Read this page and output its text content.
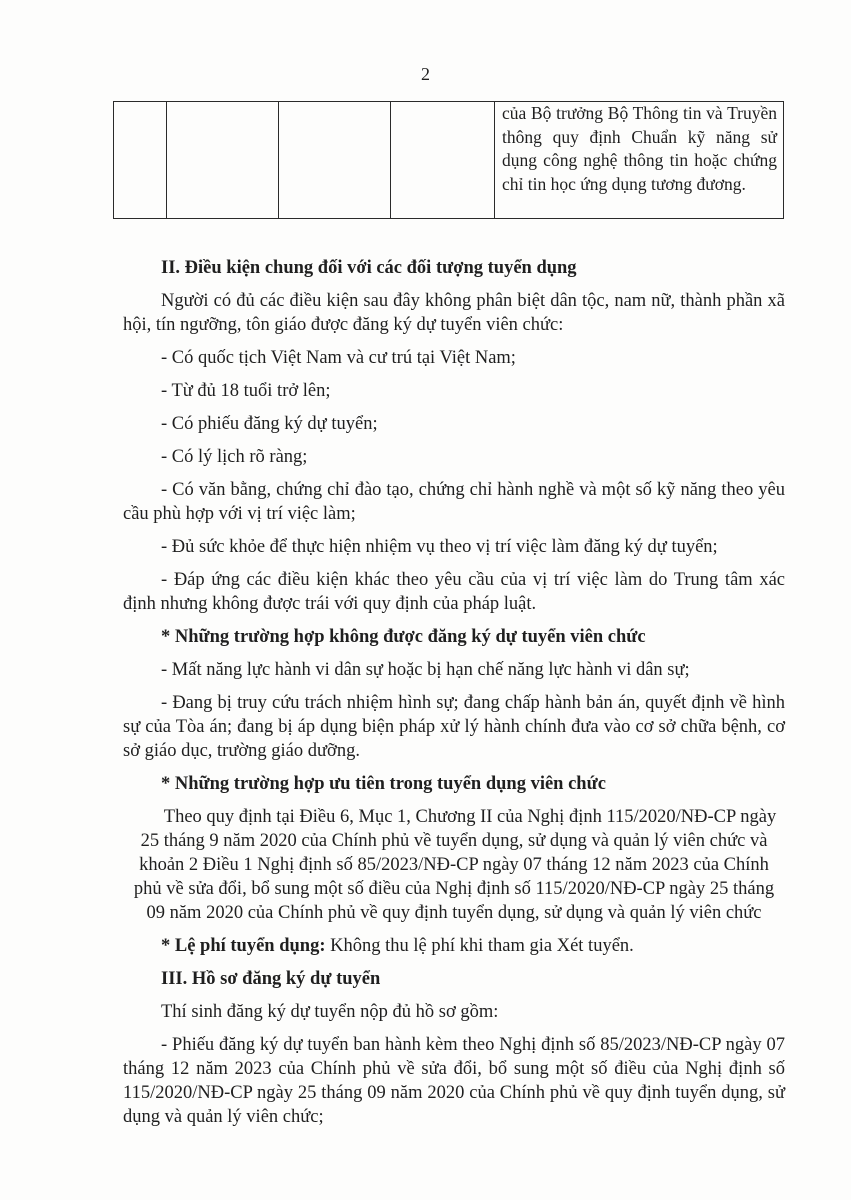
2

của Bộ trưởng Bộ Thông tin và Truyền thông quy định Chuẩn kỹ năng sử dụng công nghệ thông tin hoặc chứng chỉ tin học ứng dụng tương đương.

II. Điều kiện chung đối với các đối tượng tuyển dụng

Người có đủ các điều kiện sau đây không phân biệt dân tộc, nam nữ, thành phần xã hội, tín ngưỡng, tôn giáo được đăng ký dự tuyển viên chức:

- Có quốc tịch Việt Nam và cư trú tại Việt Nam;

- Từ đủ 18 tuổi trở lên;

- Có phiếu đăng ký dự tuyển;

- Có lý lịch rõ ràng;

- Có văn bằng, chứng chỉ đào tạo, chứng chỉ hành nghề và một số kỹ năng theo yêu cầu phù hợp với vị trí việc làm;

- Đủ sức khỏe để thực hiện nhiệm vụ theo vị trí việc làm đăng ký dự tuyển;

- Đáp ứng các điều kiện khác theo yêu cầu của vị trí việc làm do Trung tâm xác định nhưng không được trái với quy định của pháp luật.

* Những trường hợp không được đăng ký dự tuyển viên chức

- Mất năng lực hành vi dân sự hoặc bị hạn chế năng lực hành vi dân sự;

- Đang bị truy cứu trách nhiệm hình sự; đang chấp hành bản án, quyết định về hình sự của Tòa án; đang bị áp dụng biện pháp xử lý hành chính đưa vào cơ sở chữa bệnh, cơ sở giáo dục, trường giáo dưỡng.

* Những trường hợp ưu tiên trong tuyển dụng viên chức

Theo quy định tại Điều 6, Mục 1, Chương II của Nghị định 115/2020/NĐ-CP ngày 25 tháng 9 năm 2020 của Chính phủ về tuyển dụng, sử dụng và quản lý viên chức và khoản 2 Điều 1 Nghị định số 85/2023/NĐ-CP ngày 07 tháng 12 năm 2023 của Chính phủ về sửa đổi, bổ sung một số điều của Nghị định số 115/2020/NĐ-CP ngày 25 tháng 09 năm 2020 của Chính phủ về quy định tuyển dụng, sử dụng và quản lý viên chức

* Lệ phí tuyển dụng: Không thu lệ phí khi tham gia Xét tuyển.

III. Hồ sơ đăng ký dự tuyển

Thí sinh đăng ký dự tuyển nộp đủ hồ sơ gồm:

- Phiếu đăng ký dự tuyển ban hành kèm theo Nghị định số 85/2023/NĐ-CP ngày 07 tháng 12 năm 2023 của Chính phủ về sửa đổi, bổ sung một số điều của Nghị định số 115/2020/NĐ-CP ngày 25 tháng 09 năm 2020 của Chính phủ về quy định tuyển dụng, sử dụng và quản lý viên chức;
